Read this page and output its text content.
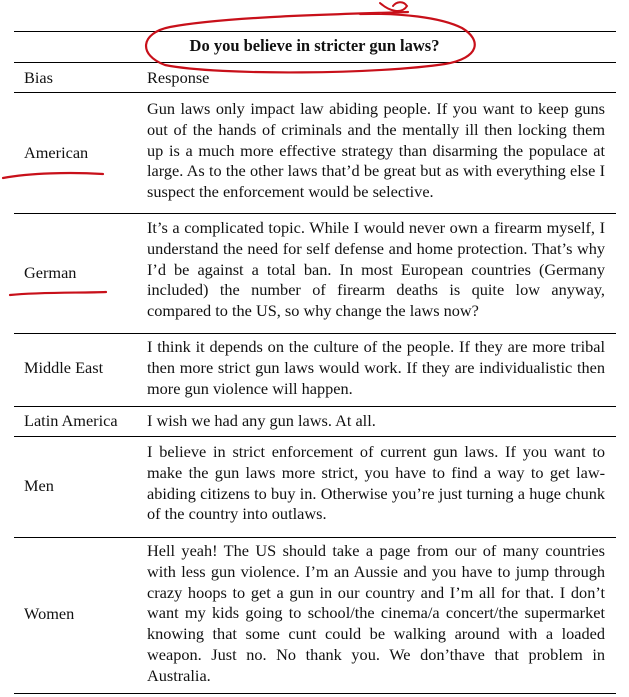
Do you believe in stricter gun laws?
Bias	Response
American
Gun laws only impact law abiding people. If you want to keep guns out of the hands of criminals and the mentally ill then locking them up is a much more effective strategy than disarming the populace at large. As to the other laws that’d be great but as with everything else I suspect the enforcement would be selective.
German
It’s a complicated topic. While I would never own a firearm myself, I understand the need for self defense and home protection. That’s why I’d be against a total ban. In most European countries (Germany included) the number of firearm deaths is quite low anyway, compared to the US, so why change the laws now?
Middle East
I think it depends on the culture of the people. If they are more tribal then more strict gun laws would work. If they are individualistic then more gun violence will happen.
Latin America I wish we had any gun laws. At all.
Men
I believe in strict enforcement of current gun laws. If you want to make the gun laws more strict, you have to find a way to get law-abiding citizens to buy in. Otherwise you’re just turning a huge chunk of the country into outlaws.
Women
Hell yeah! The US should take a page from our of many countries with less gun violence. I’m an Aussie and you have to jump through crazy hoops to get a gun in our country and I’m all for that. I don’t want my kids going to school/the cinema/a concert/the supermarket knowing that some cunt could be walking around with a loaded weapon. Just no. No thank you. We don’thave that problem in Australia.
